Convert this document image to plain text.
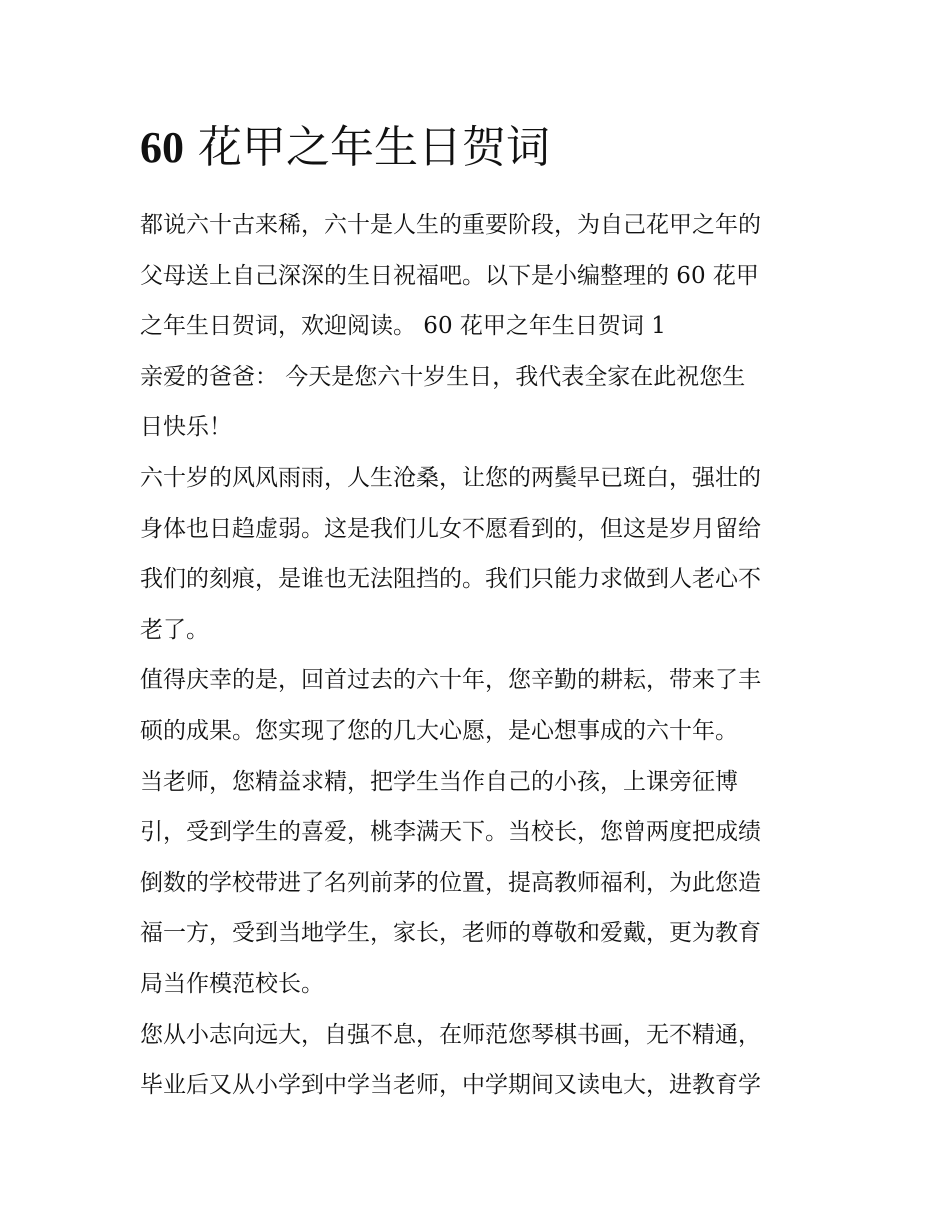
60 花甲之年生日贺词

都说六十古来稀，六十是人生的重要阶段，为自己花甲之年的
父母送上自己深深的生日祝福吧。以下是小编整理的 60 花甲
之年生日贺词，欢迎阅读。 60 花甲之年生日贺词 1

亲爱的爸爸： 今天是您六十岁生日，我代表全家在此祝您生
日快乐！

六十岁的风风雨雨，人生沧桑，让您的两鬓早已斑白，强壮的
身体也日趋虚弱。这是我们儿女不愿看到的，但这是岁月留给
我们的刻痕，是谁也无法阻挡的。我们只能力求做到人老心不
老了。

值得庆幸的是，回首过去的六十年，您辛勤的耕耘，带来了丰
硕的成果。您实现了您的几大心愿，是心想事成的六十年。

当老师，您精益求精，把学生当作自己的小孩，上课旁征博
引，受到学生的喜爱，桃李满天下。当校长，您曾两度把成绩
倒数的学校带进了名列前茅的位置，提高教师福利，为此您造
福一方，受到当地学生，家长，老师的尊敬和爱戴，更为教育
局当作模范校长。

您从小志向远大，自强不息，在师范您琴棋书画，无不精通，
毕业后又从小学到中学当老师，中学期间又读电大，进教育学
